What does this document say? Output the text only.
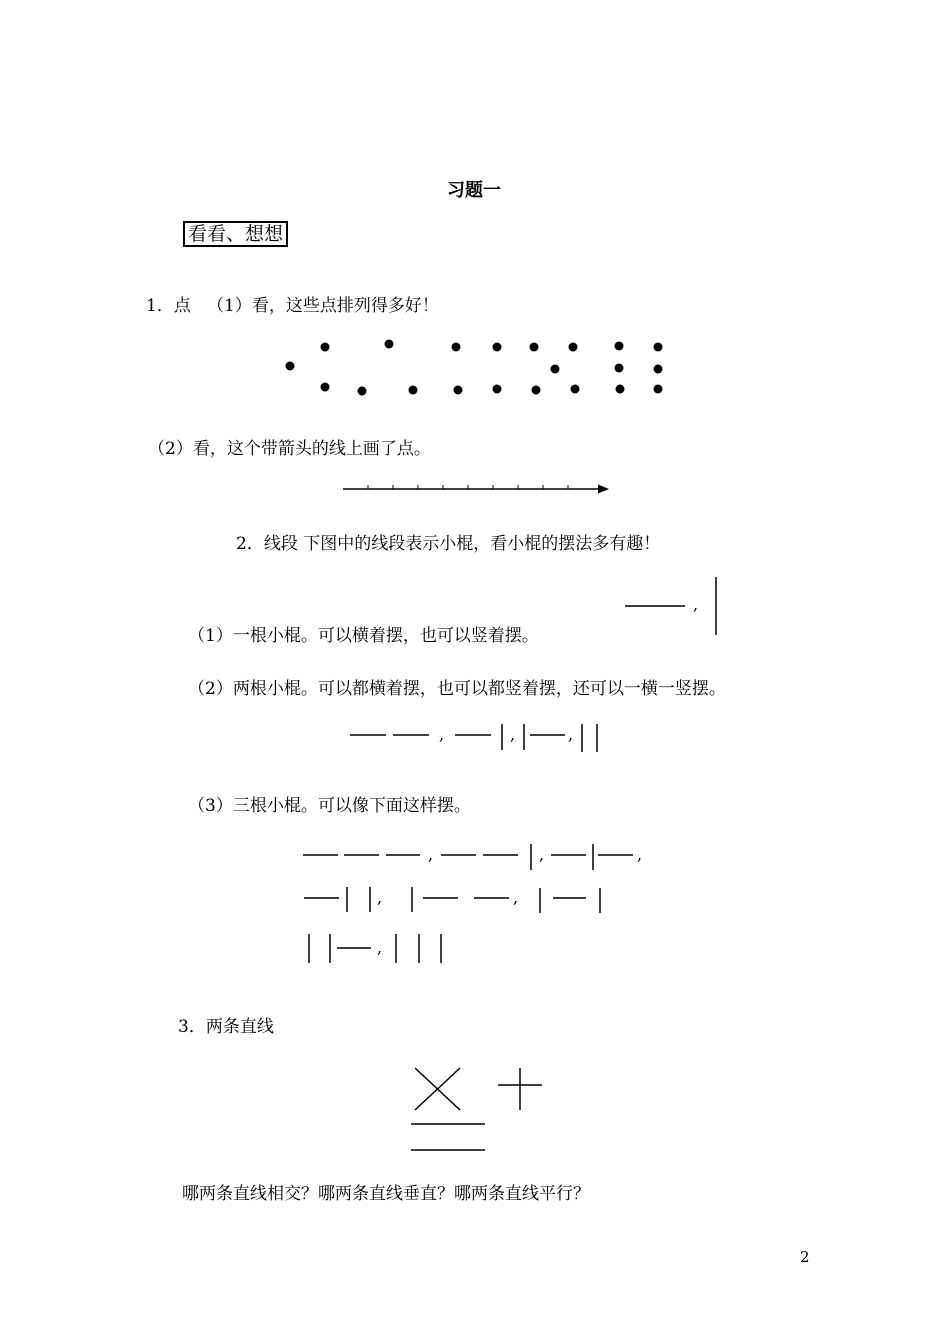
习题一
看看、想想
1．点 （1）看，这些点排列得多好！
（2）看，这个带箭头的线上画了点。
2．线段 下图中的线段表示小棍，看小棍的摆法多有趣！
,
（1）一根小棍。可以横着摆，也可以竖着摆。
（2）两根小棍。可以都横着摆，也可以都竖着摆，还可以一横一竖摆。
,	,	,
（3）三根小棍。可以像下面这样摆。
,	,	,
,	,
,
3．两条直线
哪两条直线相交？哪两条直线垂直？哪两条直线平行？
2
